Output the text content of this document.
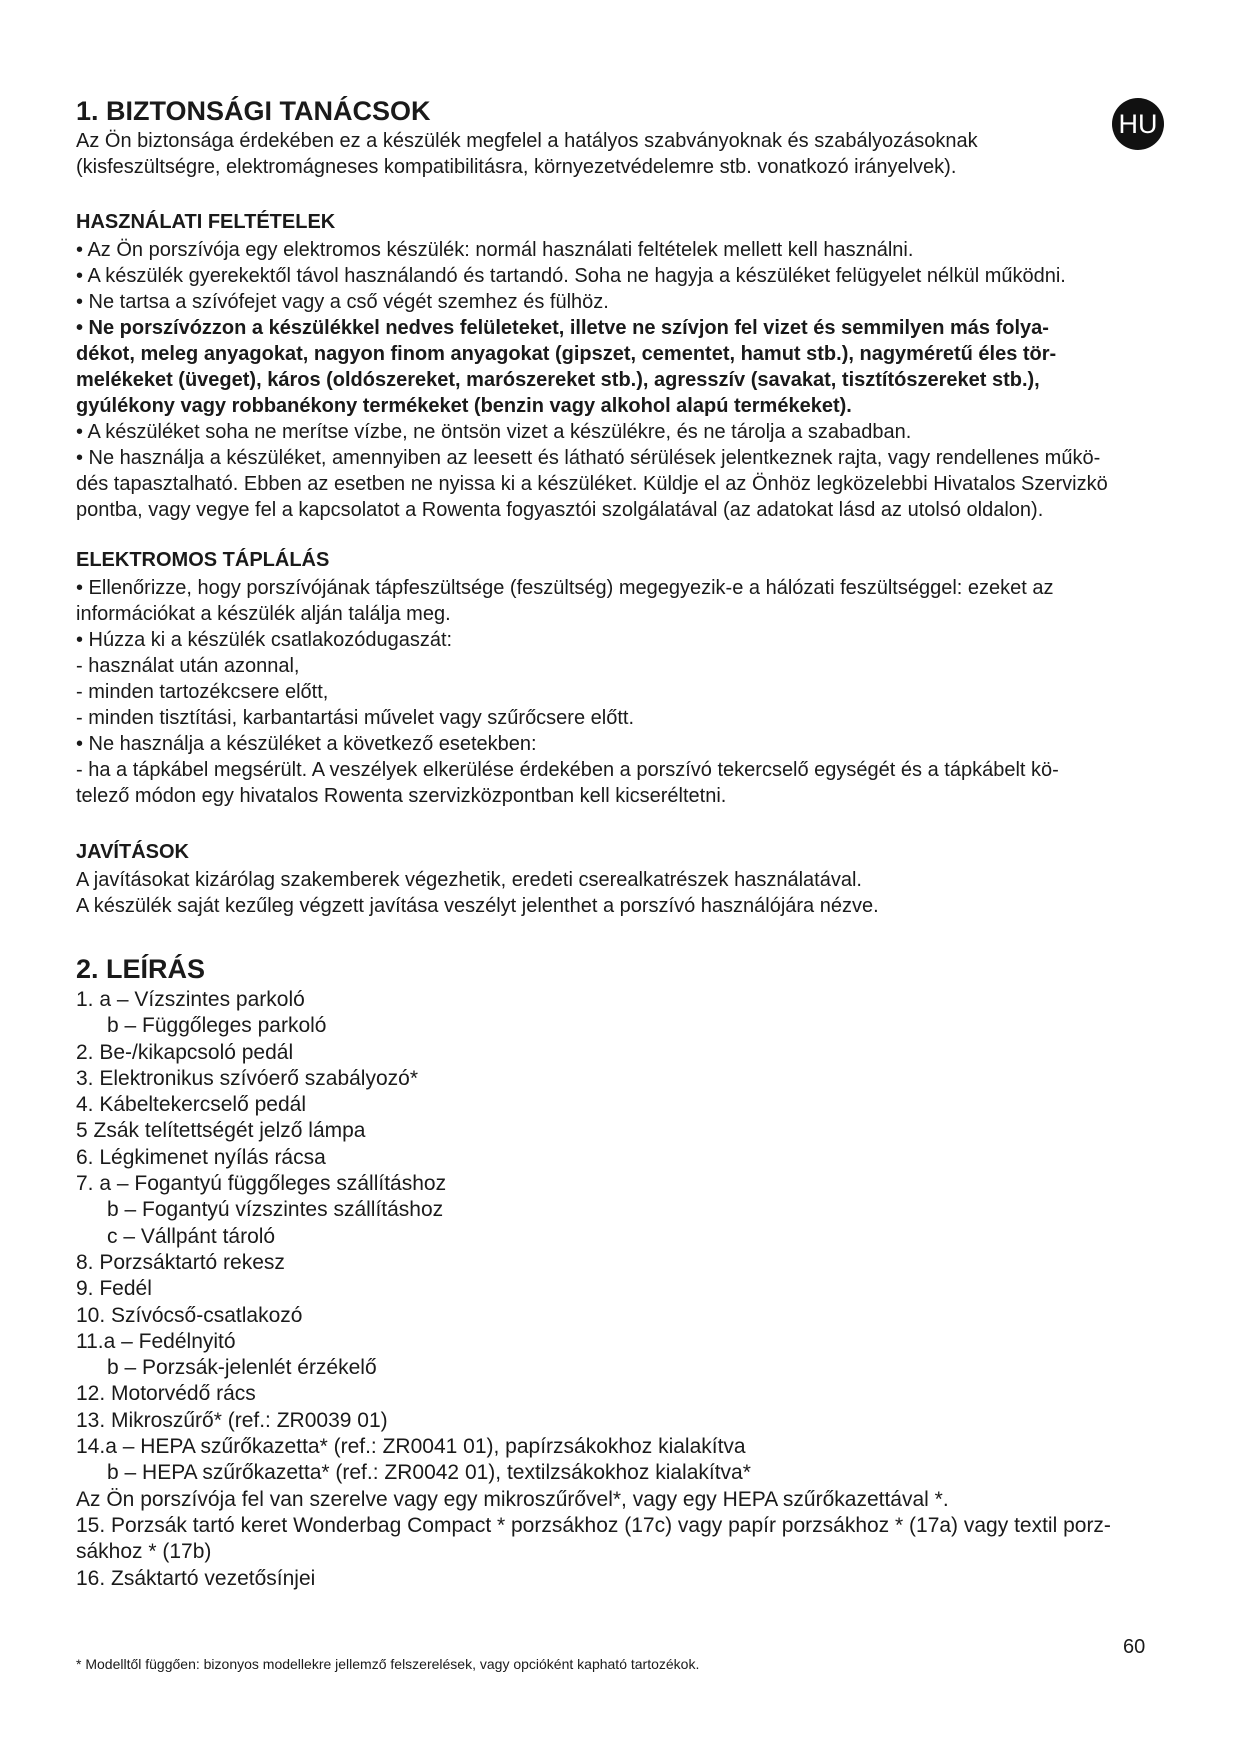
HU
1. BIZTONSÁGI TANÁCSOK

Az Ön biztonsága érdekében ez a készülék megfelel a hatályos szabványoknak és szabályozásoknak

(kisfeszültségre, elektromágneses kompatibilitásra, környezetvédelemre stb. vonatkozó irányelvek).

HASZNÁLATI FELTÉTELEK

• Az Ön porszívója egy elektromos készülék: normál használati feltételek mellett kell használni.

• A készülék gyerekektől távol használandó és tartandó. Soha ne hagyja a készüléket felügyelet nélkül működni.

• Ne tartsa a szívófejet vagy a cső végét szemhez és fülhöz.

• Ne porszívózzon a készülékkel nedves felületeket, illetve ne szívjon fel vizet és semmilyen más folya-

dékot, meleg anyagokat, nagyon finom anyagokat (gipszet, cementet, hamut stb.), nagyméretű éles tör-

melékeket (üveget), káros (oldószereket, marószereket stb.), agresszív (savakat, tisztítószereket stb.),

gyúlékony vagy robbanékony termékeket (benzin vagy alkohol alapú termékeket).

• A készüléket soha ne merítse vízbe, ne öntsön vizet a készülékre, és ne tárolja a szabadban.

• Ne használja a készüléket, amennyiben az leesett és látható sérülések jelentkeznek rajta, vagy rendellenes műkö-

dés tapasztalható. Ebben az esetben ne nyissa ki a készüléket. Küldje el az Önhöz legközelebbi Hivatalos Szervizkö

pontba, vagy vegye fel a kapcsolatot a Rowenta fogyasztói szolgálatával (az adatokat lásd az utolsó oldalon).

ELEKTROMOS TÁPLÁLÁS

• Ellenőrizze, hogy porszívójának tápfeszültsége (feszültség) megegyezik-e a hálózati feszültséggel: ezeket az

információkat a készülék alján találja meg.

• Húzza ki a készülék csatlakozódugaszát:

- használat után azonnal,

- minden tartozékcsere előtt,

- minden tisztítási, karbantartási művelet vagy szűrőcsere előtt.

• Ne használja a készüléket a következő esetekben:

- ha a tápkábel megsérült. A veszélyek elkerülése érdekében a porszívó tekercselő egységét és a tápkábelt kö-

telező módon egy hivatalos Rowenta szervizközpontban kell kicseréltetni.

JAVÍTÁSOK

A javításokat kizárólag szakemberek végezhetik, eredeti cserealkatrészek használatával.

A készülék saját kezűleg végzett javítása veszélyt jelenthet a porszívó használójára nézve.

2. LEÍRÁS

1. a – Vízszintes parkoló

b – Függőleges parkoló

2. Be-/kikapcsoló pedál

3. Elektronikus szívóerő szabályozó*

4. Kábeltekercselő pedál

5 Zsák telítettségét jelző lámpa

6. Légkimenet nyílás rácsa

7. a – Fogantyú függőleges szállításhoz

b – Fogantyú vízszintes szállításhoz

c – Vállpánt tároló

8. Porzsáktartó rekesz

9. Fedél

10. Szívócső-csatlakozó

11.a – Fedélnyitó

b – Porzsák-jelenlét érzékelő

12. Motorvédő rács

13. Mikroszűrő* (ref.: ZR0039 01)

14.a – HEPA szűrőkazetta* (ref.: ZR0041 01), papírzsákokhoz kialakítva

b – HEPA szűrőkazetta* (ref.: ZR0042 01), textilzsákokhoz kialakítva*

Az Ön porszívója fel van szerelve vagy egy mikroszűrővel*, vagy egy HEPA szűrőkazettával *.

15. Porzsák tartó keret Wonderbag Compact * porzsákhoz (17c) vagy papír porzsákhoz * (17a) vagy textil porz-

sákhoz * (17b)

16. Zsáktartó vezetősínjei

60
* Modelltől függően: bizonyos modellekre jellemző felszerelések, vagy opcióként kapható tartozékok.
